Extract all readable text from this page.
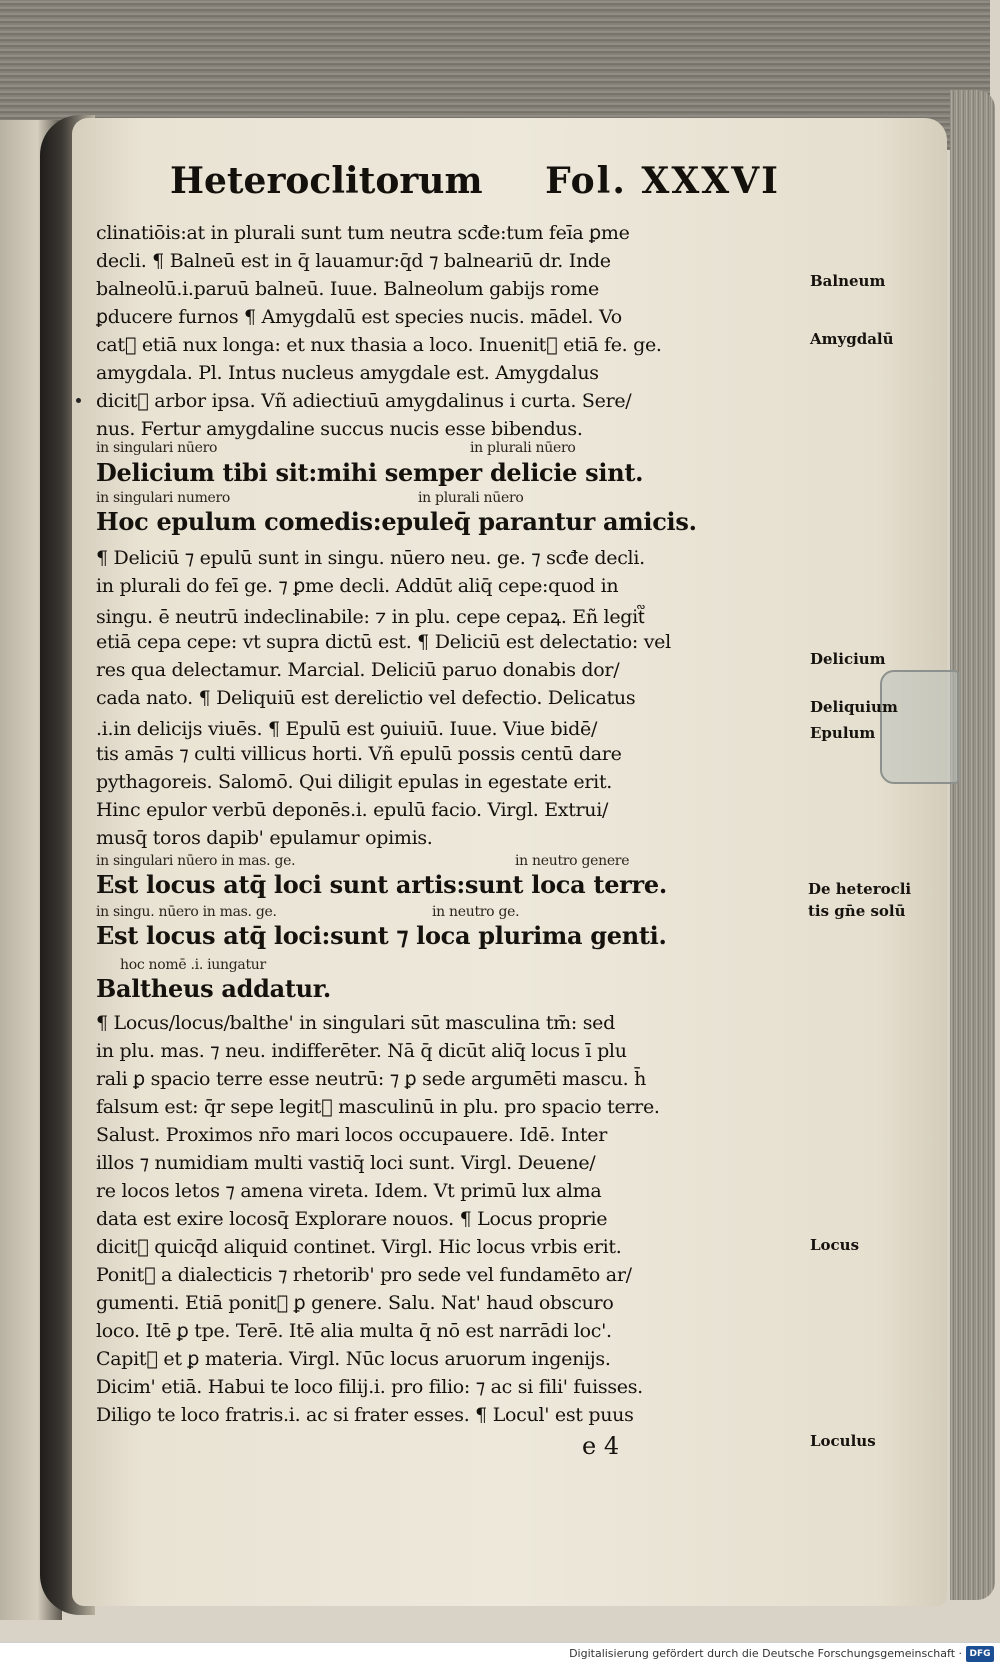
Heteroclitorum Fol. XXXVI
clinatiōis:at in plurali sunt tum neutra scđe:tum feīa ꝑme
decli. ¶ Balneū est in q̄ lauamur:q̄d ⁊ balneariū dr. Inde
balneolū.i.paruū balneū. Iuue. Balneolum gabijs rome
ꝑducere furnos ¶ Amygdalū est species nucis. mādel. Vo
cat᷑ etiā nux longa: et nux thasia a loco. Inuenit᷑ etiā fe. ge.
amygdala. Pl. Intus nucleus amygdale est. Amygdalus
dicit᷑ arbor ipsa. Vñ adiectiuū amygdalinus i curta. Sere/
nus. Fertur amygdaline succus nucis esse bibendus.
in singulari nūero	in plurali nūero
Delicium tibi sit:mihi semper delicie sint.
in singulari numero	in plurali nūero
Hoc epulum comedis:epuleq̄ parantur amicis.
¶ Deliciū ⁊ epulū sunt in singu. nūero neu. ge. ⁊ scđe decli.
in plurali do feī ge. ⁊ ꝑme decli. Addūt aliq̄ cepe:quod in
singu. ē neutrū indeclinabile: ⁊ in plu. cepe cepaꝝ. Eñ legit᷑
etiā cepa cepe: vt supra dictū est. ¶ Deliciū est delectatio: vel
res qua delectamur. Marcial. Deliciū paruo donabis dor/
cada nato. ¶ Deliquiū est derelictio vel defectio. Delicatus
.i.in delicijs viuēs. ¶ Epulū est ꝯuiuiū. Iuue. Viue bidē/
tis amās ⁊ culti villicus horti. Vñ epulū possis centū dare
pythagoreis. Salomō. Qui diligit epulas in egestate erit.
Hinc epulor verbū deponēs.i. epulū facio. Virgl. Extrui/
musq̄ toros dapib' epulamur opimis.
in singulari nūero in mas. ge.	in neutro genere
Est locus atq̄ loci sunt artis:sunt loca terre.
in singu. nūero in mas. ge.	in neutro ge.
Est locus atq̄ loci:sunt ⁊ loca plurima genti.
hoc nomē .i. iungatur
Baltheus addatur.
¶ Locus/locus/balthe' in singulari sūt masculina tm̄: sed
in plu. mas. ⁊ neu. indifferēter. Nā q̄ dicūt aliq̄ locus ī plu
rali ꝑ spacio terre esse neutrū: ⁊ ꝑ sede argumēti mascu. h̄
falsum est: q̄r sepe legit᷑ masculinū in plu. pro spacio terre.
Salust. Proximos nr̄o mari locos occupauere. Idē. Inter
illos ⁊ numidiam multi vastiq̄ loci sunt. Virgl. Deuene/
re locos letos ⁊ amena vireta. Idem. Vt primū lux alma
data est exire locosq̄ Explorare nouos. ¶ Locus proprie
dicit᷑ quicq̄d aliquid continet. Virgl. Hic locus vrbis erit.
Ponit᷑ a dialecticis ⁊ rhetorib' pro sede vel fundamēto ar/
gumenti. Etiā ponit᷑ ꝑ genere. Salu. Nat' haud obscuro
loco. Itē ꝑ tpe. Terē. Itē alia multa q̄ nō est narrādi loc'.
Capit᷑ et ꝑ materia. Virgl. Nūc locus aruorum ingenijs.
Dicim' etiā. Habui te loco filij.i. pro filio: ⁊ ac si fili' fuisses.
Diligo te loco fratris.i. ac si frater esses. ¶ Locul' est puus
e 4
Balneum
Amygdalū
Delicium
Deliquium
Epulum
De heterocli
tis gn̄e solū
Locus
Loculus
Digitalisierung gefördert durch die Deutsche Forschungsgemeinschaft · DFG
